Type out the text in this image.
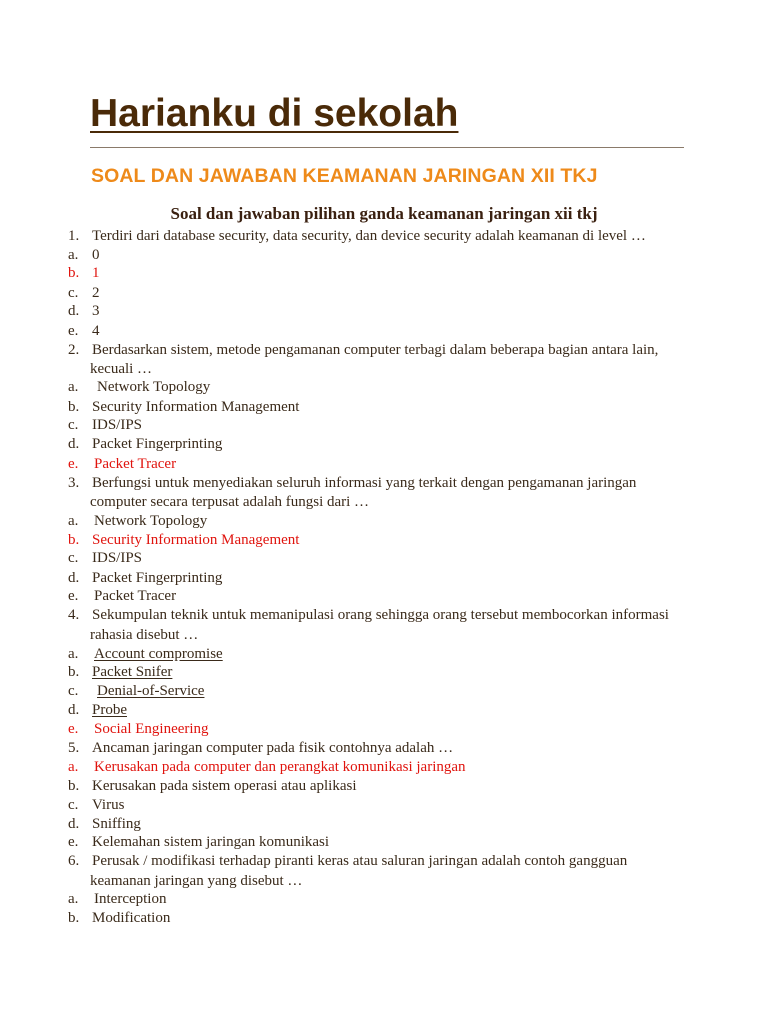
Harianku di sekolah
SOAL DAN JAWABAN KEAMANAN JARINGAN XII TKJ
Soal dan jawaban pilihan ganda keamanan jaringan xii tkj
1. Terdiri dari database security, data security, dan device security adalah keamanan di level …
a. 0
b. 1
c. 2
d. 3
e. 4
2. Berdasarkan sistem, metode pengamanan computer terbagi dalam beberapa bagian antara lain,
kecuali …
a. Network Topology
b. Security Information Management
c. IDS/IPS
d. Packet Fingerprinting
e. Packet Tracer
3. Berfungsi untuk menyediakan seluruh informasi yang terkait dengan pengamanan jaringan
computer secara terpusat adalah fungsi dari …
a. Network Topology
b. Security Information Management
c. IDS/IPS
d. Packet Fingerprinting
e. Packet Tracer
4. Sekumpulan teknik untuk memanipulasi orang sehingga orang tersebut membocorkan informasi
rahasia disebut …
a. Account compromise
b. Packet Snifer
c. Denial-of-Service
d. Probe
e. Social Engineering
5. Ancaman jaringan computer pada fisik contohnya adalah …
a. Kerusakan pada computer dan perangkat komunikasi jaringan
b. Kerusakan pada sistem operasi atau aplikasi
c. Virus
d. Sniffing
e. Kelemahan sistem jaringan komunikasi
6. Perusak / modifikasi terhadap piranti keras atau saluran jaringan adalah contoh gangguan
keamanan jaringan yang disebut …
a. Interception
b. Modification
